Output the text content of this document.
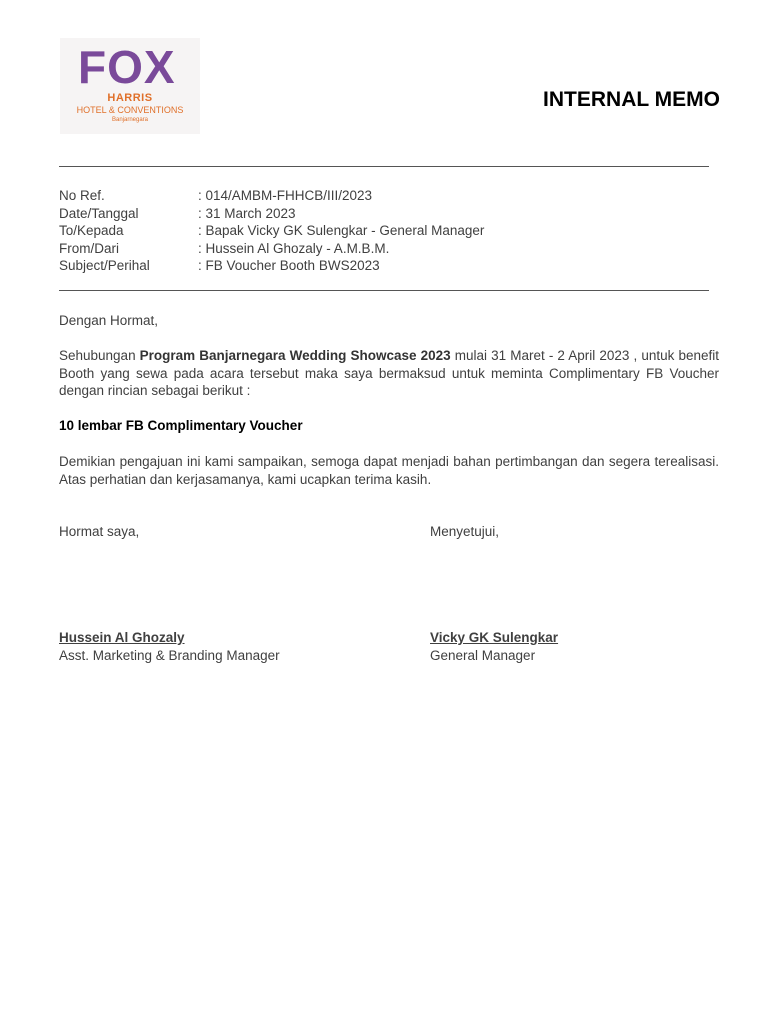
FOX
HARRIS
HOTEL & CONVENTIONS
Banjarnegara
INTERNAL MEMO
No Ref.	: 014/AMBM-FHHCB/III/2023
Date/Tanggal	: 31 March 2023
To/Kepada	: Bapak Vicky GK Sulengkar - General Manager
From/Dari	: Hussein Al Ghozaly - A.M.B.M.
Subject/Perihal	: FB Voucher Booth BWS2023
Dengan Hormat,
Sehubungan Program Banjarnegara Wedding Showcase 2023 mulai 31 Maret - 2 April 2023 , untuk benefit Booth yang sewa pada acara tersebut maka saya bermaksud untuk meminta Complimentary FB Voucher dengan rincian sebagai berikut :
10 lembar FB Complimentary Voucher
Demikian pengajuan ini kami sampaikan, semoga dapat menjadi bahan pertimbangan dan segera terealisasi. Atas perhatian dan kerjasamanya, kami ucapkan terima kasih.
Hormat saya,	Menyetujui,
Hussein Al Ghozaly
Asst. Marketing & Branding Manager
Vicky GK Sulengkar
General Manager
